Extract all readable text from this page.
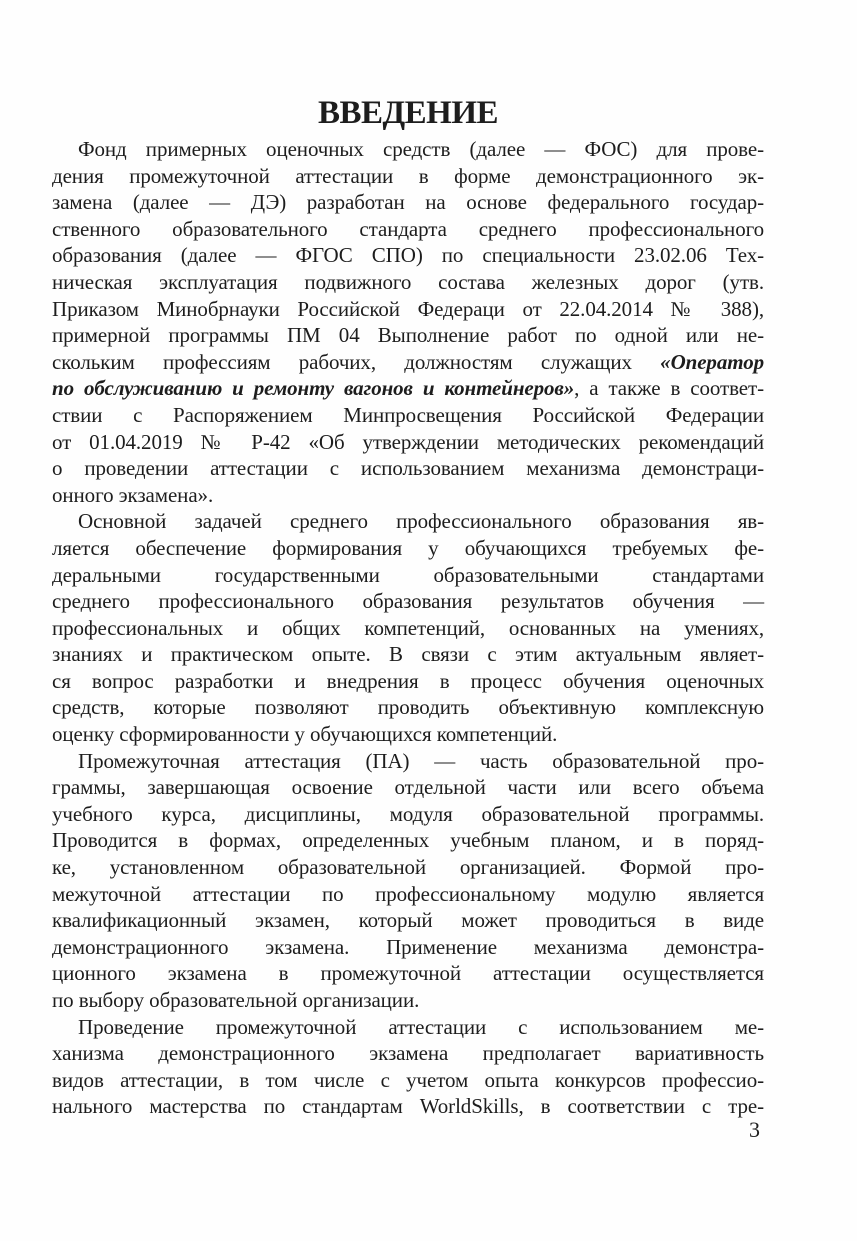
ВВЕДЕНИЕ
Фонд примерных оценочных средств (далее — ФОС) для прове-
дения промежуточной аттестации в форме демонстрационного эк-
замена (далее — ДЭ) разработан на основе федерального государ-
ственного образовательного стандарта среднего профессионального
образования (далее — ФГОС СПО) по специальности 23.02.06 Тех-
ническая эксплуатация подвижного состава железных дорог (утв.
Приказом Минобрнауки Российской Федераци от 22.04.2014 № 388),
примерной программы ПМ 04 Выполнение работ по одной или не-
скольким профессиям рабочих, должностям служащих «Оператор
по обслуживанию и ремонту вагонов и контейнеров», а также в соответ-
ствии с Распоряжением Минпросвещения Российской Федерации
от 01.04.2019 № Р-42 «Об утверждении методических рекомендаций
о проведении аттестации с использованием механизма демонстраци-
онного экзамена».
Основной задачей среднего профессионального образования яв-
ляется обеспечение формирования у обучающихся требуемых фе-
деральными государственными образовательными стандартами
среднего профессионального образования результатов обучения —
профессиональных и общих компетенций, основанных на умениях,
знаниях и практическом опыте. В связи с этим актуальным являет-
ся вопрос разработки и внедрения в процесс обучения оценочных
средств, которые позволяют проводить объективную комплексную
оценку сформированности у обучающихся компетенций.
Промежуточная аттестация (ПА) — часть образовательной про-
граммы, завершающая освоение отдельной части или всего объема
учебного курса, дисциплины, модуля образовательной программы.
Проводится в формах, определенных учебным планом, и в поряд-
ке, установленном образовательной организацией. Формой про-
межуточной аттестации по профессиональному модулю является
квалификационный экзамен, который может проводиться в виде
демонстрационного экзамена. Применение механизма демонстра-
ционного экзамена в промежуточной аттестации осуществляется
по выбору образовательной организации.
Проведение промежуточной аттестации с использованием ме-
ханизма демонстрационного экзамена предполагает вариативность
видов аттестации, в том числе с учетом опыта конкурсов профессио-
нального мастерства по стандартам WorldSkills, в соответствии с тре-
3
